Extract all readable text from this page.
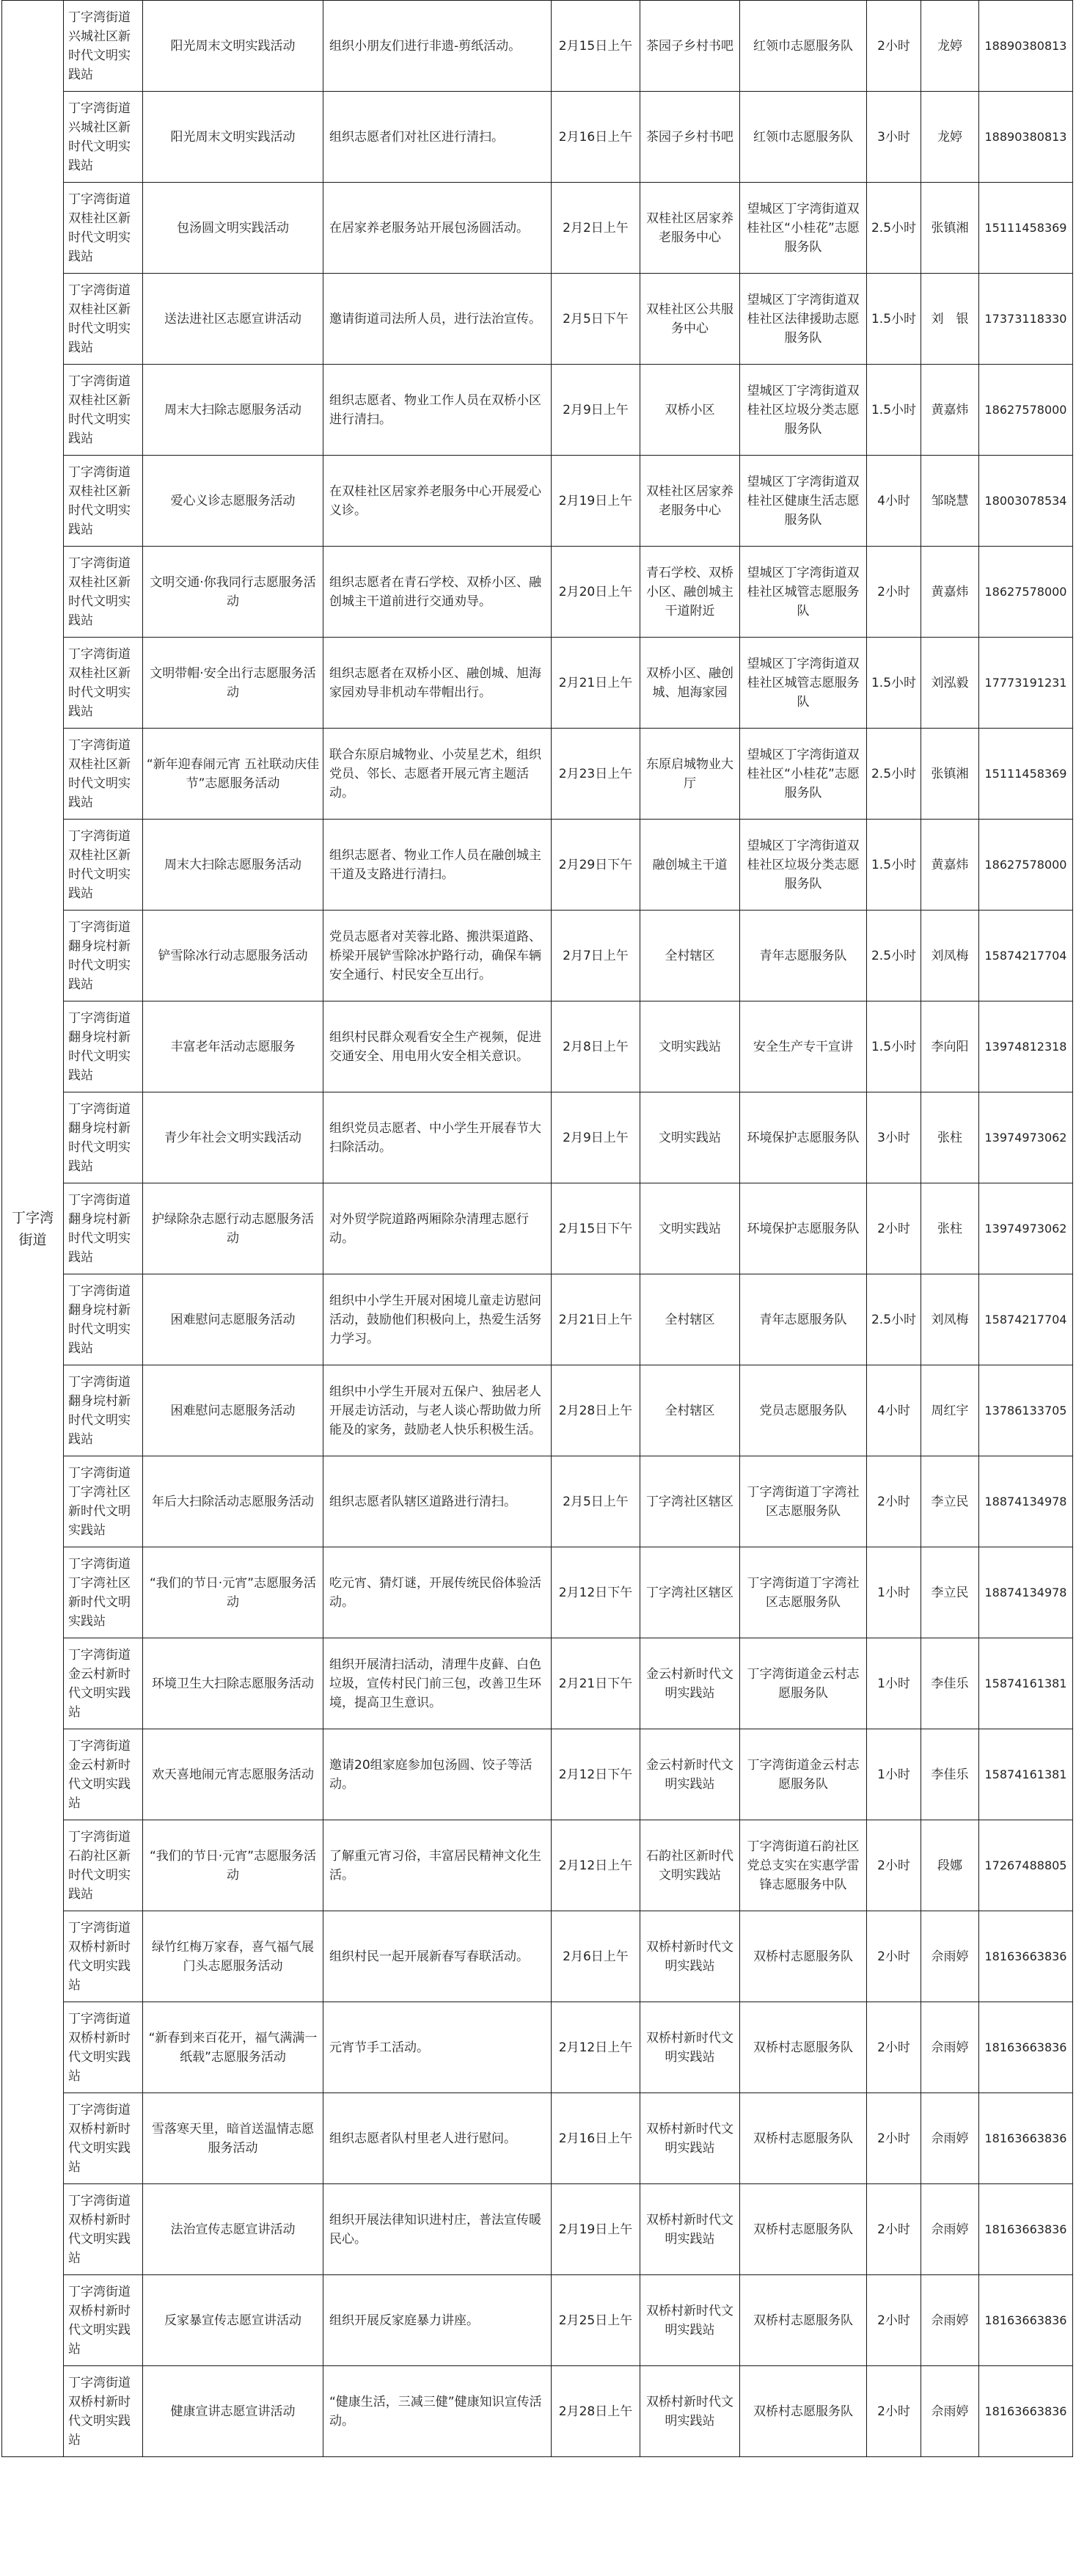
丁字湾街道	丁字湾街道兴城社区新时代文明实践站	阳光周末文明实践活动	组织小朋友们进行非遗-剪纸活动。	2月15日上午	茶园子乡村书吧	红领巾志愿服务队	2小时	龙婷	18890380813
	丁字湾街道兴城社区新时代文明实践站	阳光周末文明实践活动	组织志愿者们对社区进行清扫。	2月16日上午	茶园子乡村书吧	红领巾志愿服务队	3小时	龙婷	18890380813
	丁字湾街道双桂社区新时代文明实践站	包汤圆文明实践活动	在居家养老服务站开展包汤圆活动。	2月2日上午	双桂社区居家养老服务中心	望城区丁字湾街道双桂社区“小桂花”志愿服务队	2.5小时	张镇湘	15111458369
	丁字湾街道双桂社区新时代文明实践站	送法进社区志愿宣讲活动	邀请街道司法所人员，进行法治宣传。	2月5日下午	双桂社区公共服务中心	望城区丁字湾街道双桂社区法律援助志愿服务队	1.5小时	刘　银	17373118330
	丁字湾街道双桂社区新时代文明实践站	周末大扫除志愿服务活动	组织志愿者、物业工作人员在双桥小区进行清扫。	2月9日上午	双桥小区	望城区丁字湾街道双桂社区垃圾分类志愿服务队	1.5小时	黄嘉炜	18627578000
	丁字湾街道双桂社区新时代文明实践站	爱心义诊志愿服务活动	在双桂社区居家养老服务中心开展爱心义诊。	2月19日上午	双桂社区居家养老服务中心	望城区丁字湾街道双桂社区健康生活志愿服务队	4小时	邹晓慧	18003078534
	丁字湾街道双桂社区新时代文明实践站	文明交通·你我同行志愿服务活动	组织志愿者在青石学校、双桥小区、融创城主干道前进行交通劝导。	2月20日上午	青石学校、双桥小区、融创城主干道附近	望城区丁字湾街道双桂社区城管志愿服务队	2小时	黄嘉炜	18627578000
	丁字湾街道双桂社区新时代文明实践站	文明带帽·安全出行志愿服务活动	组织志愿者在双桥小区、融创城、旭海家园劝导非机动车带帽出行。	2月21日上午	双桥小区、融创城、旭海家园	望城区丁字湾街道双桂社区城管志愿服务队	1.5小时	刘泓毅	17773191231
	丁字湾街道双桂社区新时代文明实践站	“新年迎春闹元宵 五社联动庆佳节”志愿服务活动	联合东原启城物业、小荧星艺术，组织党员、邻长、志愿者开展元宵主题活动。	2月23日上午	东原启城物业大厅	望城区丁字湾街道双桂社区“小桂花”志愿服务队	2.5小时	张镇湘	15111458369
	丁字湾街道双桂社区新时代文明实践站	周末大扫除志愿服务活动	组织志愿者、物业工作人员在融创城主干道及支路进行清扫。	2月29日下午	融创城主干道	望城区丁字湾街道双桂社区垃圾分类志愿服务队	1.5小时	黄嘉炜	18627578000
	丁字湾街道翻身垸村新时代文明实践站	铲雪除冰行动志愿服务活动	党员志愿者对芙蓉北路、搬洪渠道路、桥梁开展铲雪除冰护路行动，确保车辆安全通行、村民安全互出行。	2月7日上午	全村辖区	青年志愿服务队	2.5小时	刘凤梅	15874217704
	丁字湾街道翻身垸村新时代文明实践站	丰富老年活动志愿服务	组织村民群众观看安全生产视频，促进交通安全、用电用火安全相关意识。	2月8日上午	文明实践站	安全生产专干宣讲	1.5小时	李向阳	13974812318
	丁字湾街道翻身垸村新时代文明实践站	青少年社会文明实践活动	组织党员志愿者、中小学生开展春节大扫除活动。	2月9日上午	文明实践站	环境保护志愿服务队	3小时	张柱	13974973062
	丁字湾街道翻身垸村新时代文明实践站	护绿除杂志愿行动志愿服务活动	对外贸学院道路两厢除杂清理志愿行动。	2月15日下午	文明实践站	环境保护志愿服务队	2小时	张柱	13974973062
	丁字湾街道翻身垸村新时代文明实践站	困难慰问志愿服务活动	组织中小学生开展对困境儿童走访慰问活动，鼓励他们积极向上，热爱生活努力学习。	2月21日上午	全村辖区	青年志愿服务队	2.5小时	刘凤梅	15874217704
	丁字湾街道翻身垸村新时代文明实践站	困难慰问志愿服务活动	组织中小学生开展对五保户、独居老人开展走访活动，与老人谈心帮助做力所能及的家务，鼓励老人快乐积极生活。	2月28日上午	全村辖区	党员志愿服务队	4小时	周红宇	13786133705
	丁字湾街道丁字湾社区新时代文明实践站	年后大扫除活动志愿服务活动	组织志愿者队辖区道路进行清扫。	2月5日上午	丁字湾社区辖区	丁字湾街道丁字湾社区志愿服务队	2小时	李立民	18874134978
	丁字湾街道丁字湾社区新时代文明实践站	“我们的节日·元宵”志愿服务活动	吃元宵、猜灯谜，开展传统民俗体验活动。	2月12日下午	丁字湾社区辖区	丁字湾街道丁字湾社区志愿服务队	1小时	李立民	18874134978
	丁字湾街道金云村新时代文明实践站	环境卫生大扫除志愿服务活动	组织开展清扫活动，清理牛皮藓、白色垃圾，宣传村民门前三包，改善卫生环境，提高卫生意识。	2月21日下午	金云村新时代文明实践站	丁字湾街道金云村志愿服务队	1小时	李佳乐	15874161381
	丁字湾街道金云村新时代文明实践站	欢天喜地闹元宵志愿服务活动	邀请20组家庭参加包汤圆、饺子等活动。	2月12日下午	金云村新时代文明实践站	丁字湾街道金云村志愿服务队	1小时	李佳乐	15874161381
	丁字湾街道石韵社区新时代文明实践站	“我们的节日·元宵”志愿服务活动	了解重元宵习俗，丰富居民精神文化生活。	2月12日上午	石韵社区新时代文明实践站	丁字湾街道石韵社区党总支实在实惠学雷锋志愿服务中队	2小时	段娜	17267488805
	丁字湾街道双桥村新时代文明实践站	绿竹红梅万家春，喜气福气展门头志愿服务活动	组织村民一起开展新春写春联活动。	2月6日上午	双桥村新时代文明实践站	双桥村志愿服务队	2小时	佘雨婷	18163663836
	丁字湾街道双桥村新时代文明实践站	“新春到来百花开，福气满满一纸载”志愿服务活动	元宵节手工活动。	2月12日上午	双桥村新时代文明实践站	双桥村志愿服务队	2小时	佘雨婷	18163663836
	丁字湾街道双桥村新时代文明实践站	雪落寒天里，暗首送温情志愿服务活动	组织志愿者队村里老人进行慰问。	2月16日上午	双桥村新时代文明实践站	双桥村志愿服务队	2小时	佘雨婷	18163663836
	丁字湾街道双桥村新时代文明实践站	法治宣传志愿宣讲活动	组织开展法律知识进村庄，普法宣传暖民心。	2月19日上午	双桥村新时代文明实践站	双桥村志愿服务队	2小时	佘雨婷	18163663836
	丁字湾街道双桥村新时代文明实践站	反家暴宣传志愿宣讲活动	组织开展反家庭暴力讲座。	2月25日上午	双桥村新时代文明实践站	双桥村志愿服务队	2小时	佘雨婷	18163663836
	丁字湾街道双桥村新时代文明实践站	健康宣讲志愿宣讲活动	“健康生活，三减三健”健康知识宣传活动。	2月28日上午	双桥村新时代文明实践站	双桥村志愿服务队	2小时	佘雨婷	18163663836
